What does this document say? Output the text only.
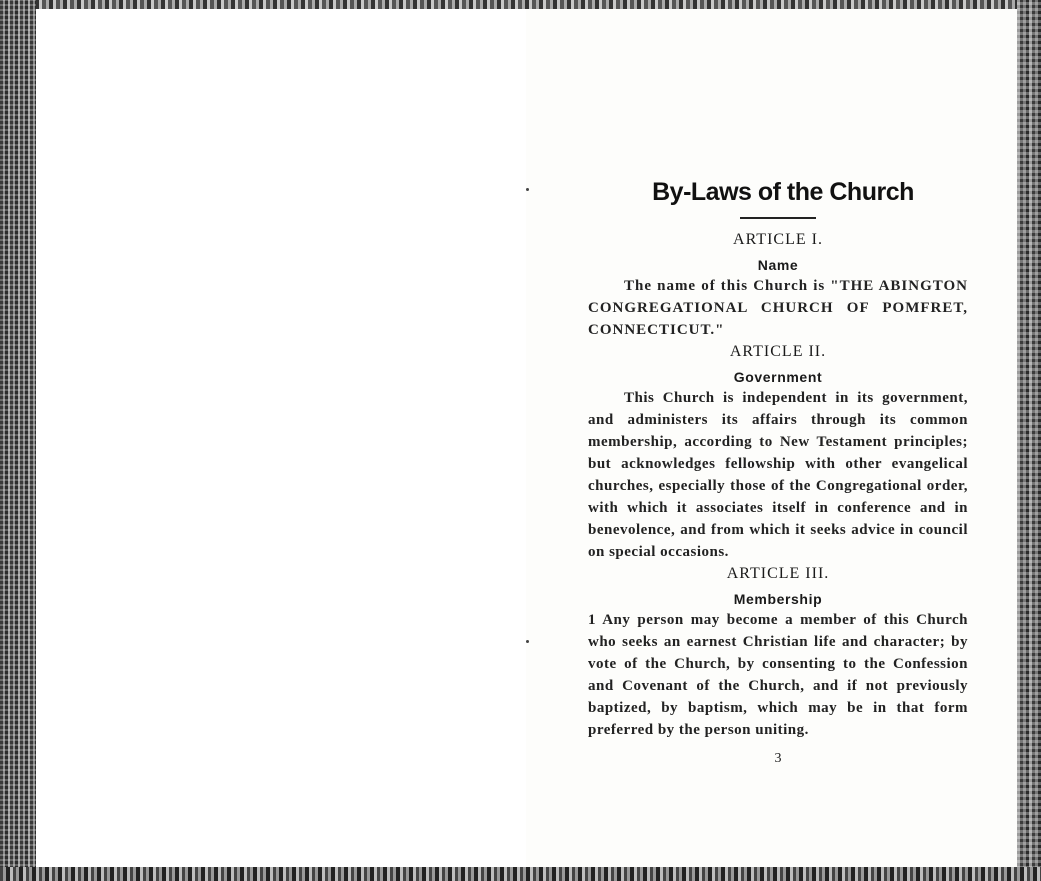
By-Laws of the Church

ARTICLE I.

Name

The name of this Church is "THE ABINGTON CONGREGATIONAL CHURCH OF POMFRET, CONNECTICUT."

ARTICLE II.

Government

This Church is independent in its government, and administers its affairs through its common membership, according to New Testament principles; but acknowledges fellowship with other evangelical churches, especially those of the Congregational order, with which it associates itself in conference and in benevolence, and from which it seeks advice in council on special occasions.

ARTICLE III.

Membership

1 Any person may become a member of this Church who seeks an earnest Christian life and character; by vote of the Church, by consenting to the Confession and Covenant of the Church, and if not previously baptized, by baptism, which may be in that form preferred by the person uniting.

3
